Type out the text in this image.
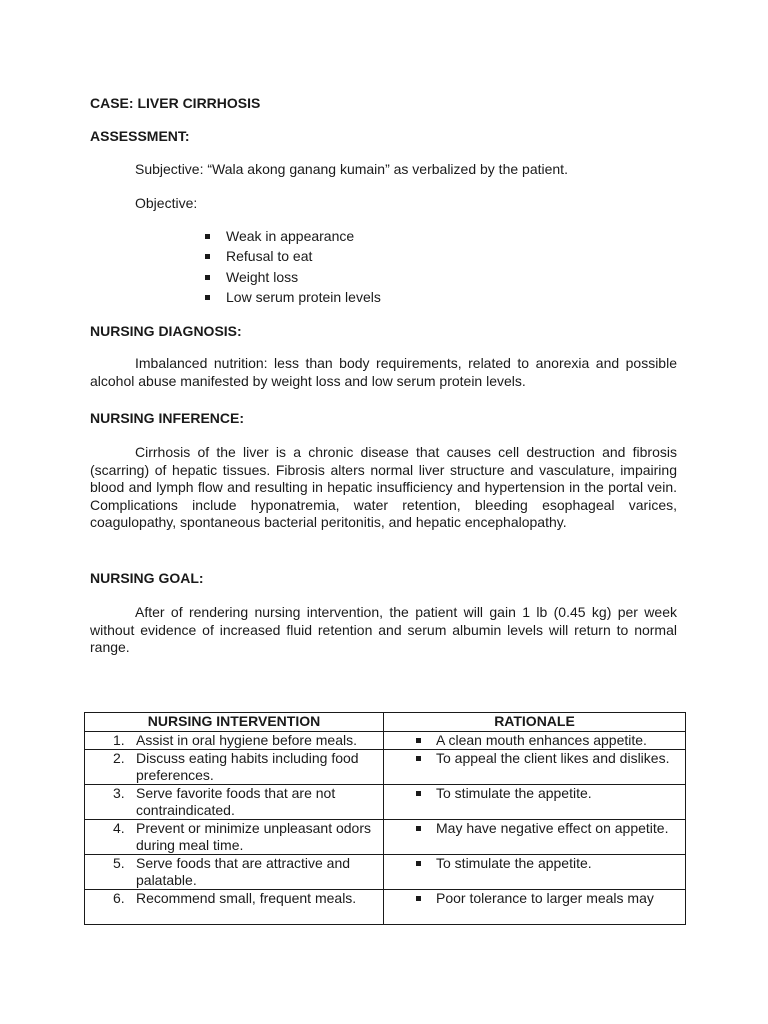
CASE: LIVER CIRRHOSIS

ASSESSMENT:

Subjective: “Wala akong ganang kumain” as verbalized by the patient.

Objective:

Weak in appearance
Refusal to eat
Weight loss
Low serum protein levels

NURSING DIAGNOSIS:

Imbalanced nutrition: less than body requirements, related to anorexia and possible alcohol abuse manifested by weight loss and low serum protein levels.

NURSING INFERENCE:

Cirrhosis of the liver is a chronic disease that causes cell destruction and fibrosis (scarring) of hepatic tissues. Fibrosis alters normal liver structure and vasculature, impairing blood and lymph flow and resulting in hepatic insufficiency and hypertension in the portal vein. Complications include hyponatremia, water retention, bleeding esophageal varices, coagulopathy, spontaneous bacterial peritonitis, and hepatic encephalopathy.

NURSING GOAL:

After of rendering nursing intervention, the patient will gain 1 lb (0.45 kg) per week without evidence of increased fluid retention and serum albumin levels will return to normal range.

NURSING INTERVENTION	RATIONALE

1. Assist in oral hygiene before meals.	A clean mouth enhances appetite.

2. Discuss eating habits including food preferences.	To appeal the client likes and dislikes.

3. Serve favorite foods that are not contraindicated.	To stimulate the appetite.

4. Prevent or minimize unpleasant odors during meal time.	May have negative effect on appetite.

5. Serve foods that are attractive and palatable.	To stimulate the appetite.

6. Recommend small, frequent meals.	Poor tolerance to larger meals may
